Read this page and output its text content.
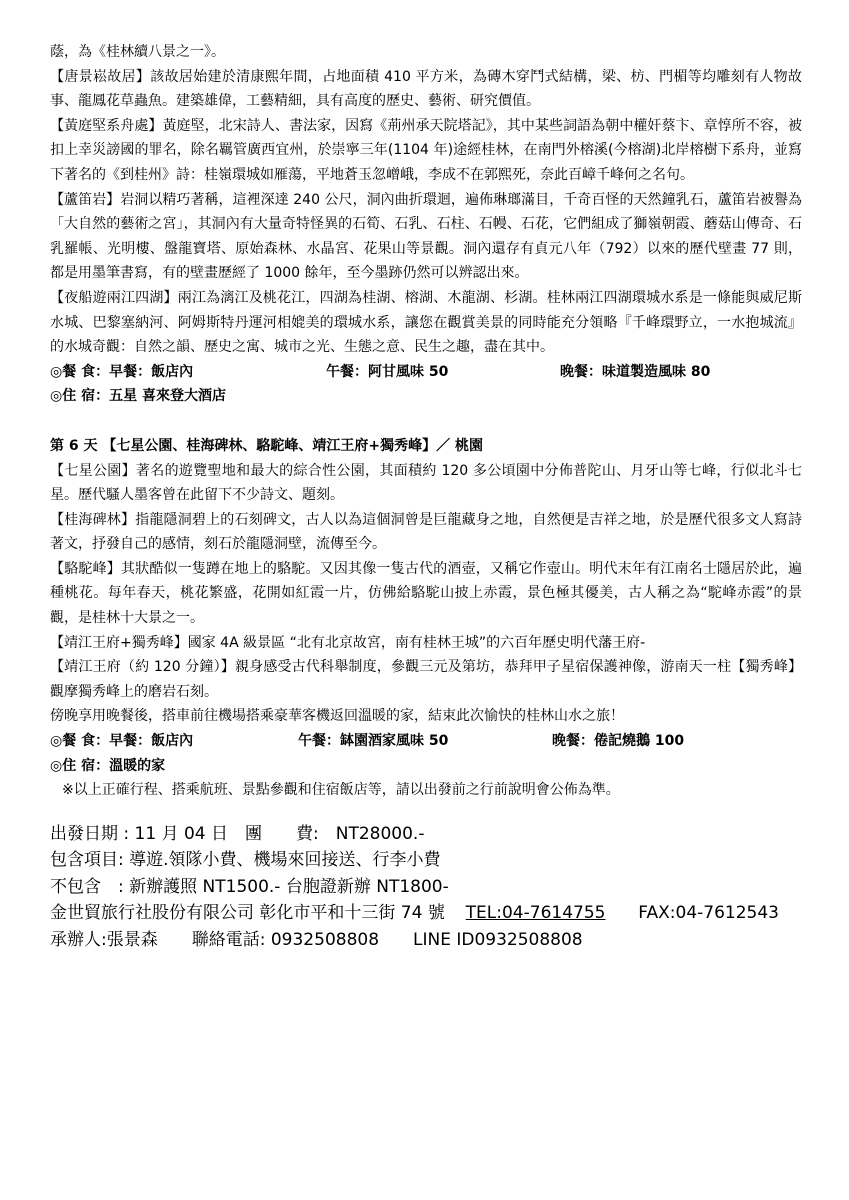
蔭，為《桂林續八景之一》。

【唐景崧故居】該故居始建於清康熙年間，占地面積 410 平方米，為磚木穿鬥式結構，梁、枋、門楣等均雕刻有人物故事、龍鳳花草蟲魚。建築雄偉，工藝精細，具有高度的歷史、藝術、研究價值。

【黃庭堅系舟處】黃庭堅，北宋詩人、書法家，因寫《荊州承天院塔記》，其中某些詞語為朝中權奸蔡卞、章惇所不容，被扣上幸災謗國的罪名，除名羈管廣西宜州，於崇寧三年(1104 年)途經桂林，在南門外榕溪(今榕湖)北岸榕樹下系舟，並寫下著名的《到桂州》詩：桂嶺環城如雁蕩，平地蒼玉忽嶒峨，李成不在郭熙死，奈此百嶂千峰何之名句。

【蘆笛岩】岩洞以精巧著稱，這裡深達 240 公尺，洞內曲折環迴，遍佈琳瑯滿目，千奇百怪的天然鐘乳石，蘆笛岩被譽為「大自然的藝術之宮」，其洞內有大量奇特怪異的石筍、石乳、石柱、石幔、石花，它們組成了獅嶺朝霞、蘑菇山傳奇、石乳羅帳、光明樓、盤龍寶塔、原始森林、水晶宮、花果山等景觀。洞內還存有貞元八年（792）以來的歷代壁畫 77 則，都是用墨筆書寫，有的壁畫歷經了 1000 餘年，至今墨跡仍然可以辨認出來。

【夜船遊兩江四湖】兩江為漓江及桃花江，四湖為桂湖、榕湖、木龍湖、杉湖。桂林兩江四湖環城水系是一條能與威尼斯水城、巴黎塞納河、阿姆斯特丹運河相媲美的環城水系，讓您在觀賞美景的同時能充分領略『千峰環野立，一水抱城流』的水城奇觀：自然之韻、歷史之寓、城市之光、生態之意、民生之趣，盡在其中。

◎餐 食：早餐：飯店內	午餐：阿甘風味 50	晚餐：味道製造風味 80
◎住 宿：五星 喜來登大酒店
第 6 天 【七星公園、桂海碑林、駱駝峰、靖江王府+獨秀峰】／ 桃園

【七星公園】著名的遊覽聖地和最大的綜合性公園，其面積約 120 多公頃園中分佈普陀山、月牙山等七峰，行似北斗七星。歷代騷人墨客曾在此留下不少詩文、題刻。

【桂海碑林】指龍隱洞碧上的石刻碑文，古人以為這個洞曾是巨龍藏身之地，自然便是吉祥之地，於是歷代很多文人寫詩著文，抒發自己的感情，刻石於龍隱洞壁，流傳至今。

【駱駝峰】其狀酷似一隻蹲在地上的駱駝。又因其像一隻古代的酒壺，又稱它作壺山。明代末年有江南名士隱居於此，遍種桃花。每年春天，桃花繁盛，花開如紅霞一片，仿佛給駱駝山披上赤霞，景色極其優美，古人稱之為“駝峰赤霞”的景觀，是桂林十大景之一。

【靖江王府+獨秀峰】國家 4A 級景區 “北有北京故宮，南有桂林王城”的六百年歷史明代藩王府-

【靖江王府（約 120 分鐘）】親身感受古代科舉制度，參觀三元及第坊，恭拜甲子星宿保護神像，游南天一柱【獨秀峰】觀摩獨秀峰上的磨岩石刻。

傍晚享用晚餐後，搭車前往機場搭乘豪華客機返回溫暖的家，結束此次愉快的桂林山水之旅！

◎餐 食：早餐：飯店內	午餐：缽園酒家風味 50	晚餐：倦記燒鵝 100
◎住 宿：溫暖的家
※以上正確行程、搭乘航班、景點參觀和住宿飯店等，請以出發前之行前說明會公佈為準。
出發日期 : 11 月 04 日　團　　費:　NT28000.-
包含項目: 導遊.領隊小費、機場來回接送、行李小費
不包含　: 新辦護照 NT1500.- 台胞證新辦 NT1800-
金世貿旅行社股份有限公司 彰化市平和十三街 74 號 TEL:04-7614755 FAX:04-7612543
承辦人:張景森　　聯絡電話: 0932508808　　LINE ID0932508808
